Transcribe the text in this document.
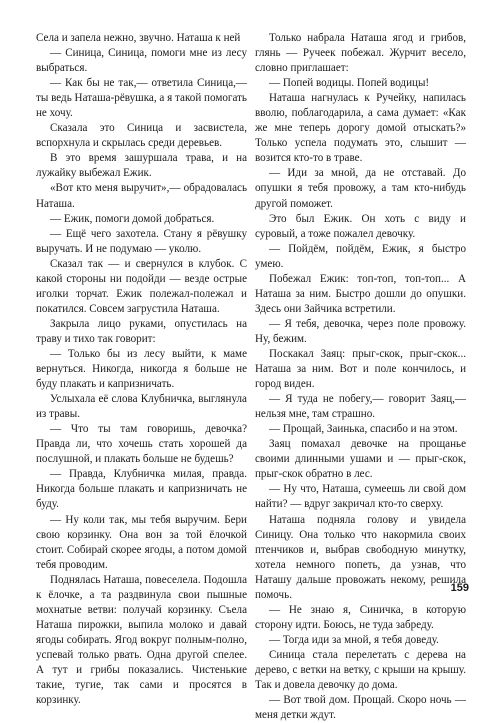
Села и запела нежно, звучно. Наташа к ней

— Синица, Синица, помоги мне из лесу выбраться.

— Как бы не так,— ответила Синица,— ты ведь Наташа-рёвушка, а я такой помогать не хочу.

Сказала это Синица и засвистела, вспорхнула и скрылась среди деревьев.

В это время зашуршала трава, и на лужайку выбежал Ежик.

«Вот кто меня выручит»,— обрадовалась Наташа.

— Ежик, помоги домой добраться.

— Ещё чего захотела. Стану я рёвушку выручать. И не подумаю — уколю.

Сказал так — и свернулся в клубок. С какой стороны ни подойди — везде острые иголки торчат. Ежик полежал-полежал и покатился. Совсем загрустила Наташа.

Закрыла лицо руками, опустилась на траву и тихо так говорит:

— Только бы из лесу выйти, к маме вернуться. Никогда, никогда я больше не буду плакать и капризничать.

Услыхала её слова Клубничка, выглянула из травы.

— Что ты там говоришь, девочка? Правда ли, что хочешь стать хорошей да послушной, и плакать больше не будешь?

— Правда, Клубничка милая, правда. Никогда больше плакать и капризничать не буду.

— Ну коли так, мы тебя выручим. Бери свою корзинку. Она вон за той ёлочкой стоит. Собирай скорее ягоды, а потом домой тебя проводим.

Поднялась Наташа, повеселела. Подошла к ёлочке, а та раздвинула свои пышные мохнатые ветви: получай корзинку. Съела Наташа пирожки, выпила молоко и давай ягоды собирать. Ягод вокруг полным-полно, успевай только рвать. Одна другой спелее. А тут и грибы показались. Чистенькие такие, тугие, так сами и просятся в корзинку.

Только набрала Наташа ягод и грибов, глянь — Ручеек побежал. Журчит весело, словно приглашает:

— Попей водицы. Попей водицы!

Наташа нагнулась к Ручейку, напилась вволю, поблагодарила, а сама думает: «Как же мне теперь дорогу домой отыскать?» Только успела подумать это, слышит — возится кто-то в траве.

— Иди за мной, да не отставай. До опушки я тебя провожу, а там кто-нибудь другой поможет.

Это был Ежик. Он хоть с виду и суровый, а тоже пожалел девочку.

— Пойдём, пойдём, Ежик, я быстро умею.

Побежал Ежик: топ-топ, топ-топ... А Наташа за ним. Быстро дошли до опушки. Здесь они Зайчика встретили.

— Я тебя, девочка, через поле провожу. Ну, бежим.

Поскакал Заяц: прыг-скок, прыг-скок... Наташа за ним. Вот и поле кончилось, и город виден.

— Я туда не побегу,— говорит Заяц,— нельзя мне, там страшно.

— Прощай, Заинька, спасибо и на этом.

Заяц помахал девочке на прощанье своими длинными ушами и — прыг-скок, прыг-скок обратно в лес.

— Ну что, Наташа, сумеешь ли свой дом найти? — вдруг закричал кто-то сверху.

Наташа подняла голову и увидела Синицу. Она только что накормила своих птенчиков и, выбрав свободную минутку, хотела немного попеть, да узнав, что Наташу дальше провожать некому, решила помочь.

— Не знаю я, Синичка, в которую сторону идти. Боюсь, не туда забреду.

— Тогда иди за мной, я тебя доведу.

Синица стала перелетать с дерева на дерево, с ветки на ветку, с крыши на крышу. Так и довела девочку до дома.

— Вот твой дом. Прощай. Скоро ночь — меня детки ждут.

159
